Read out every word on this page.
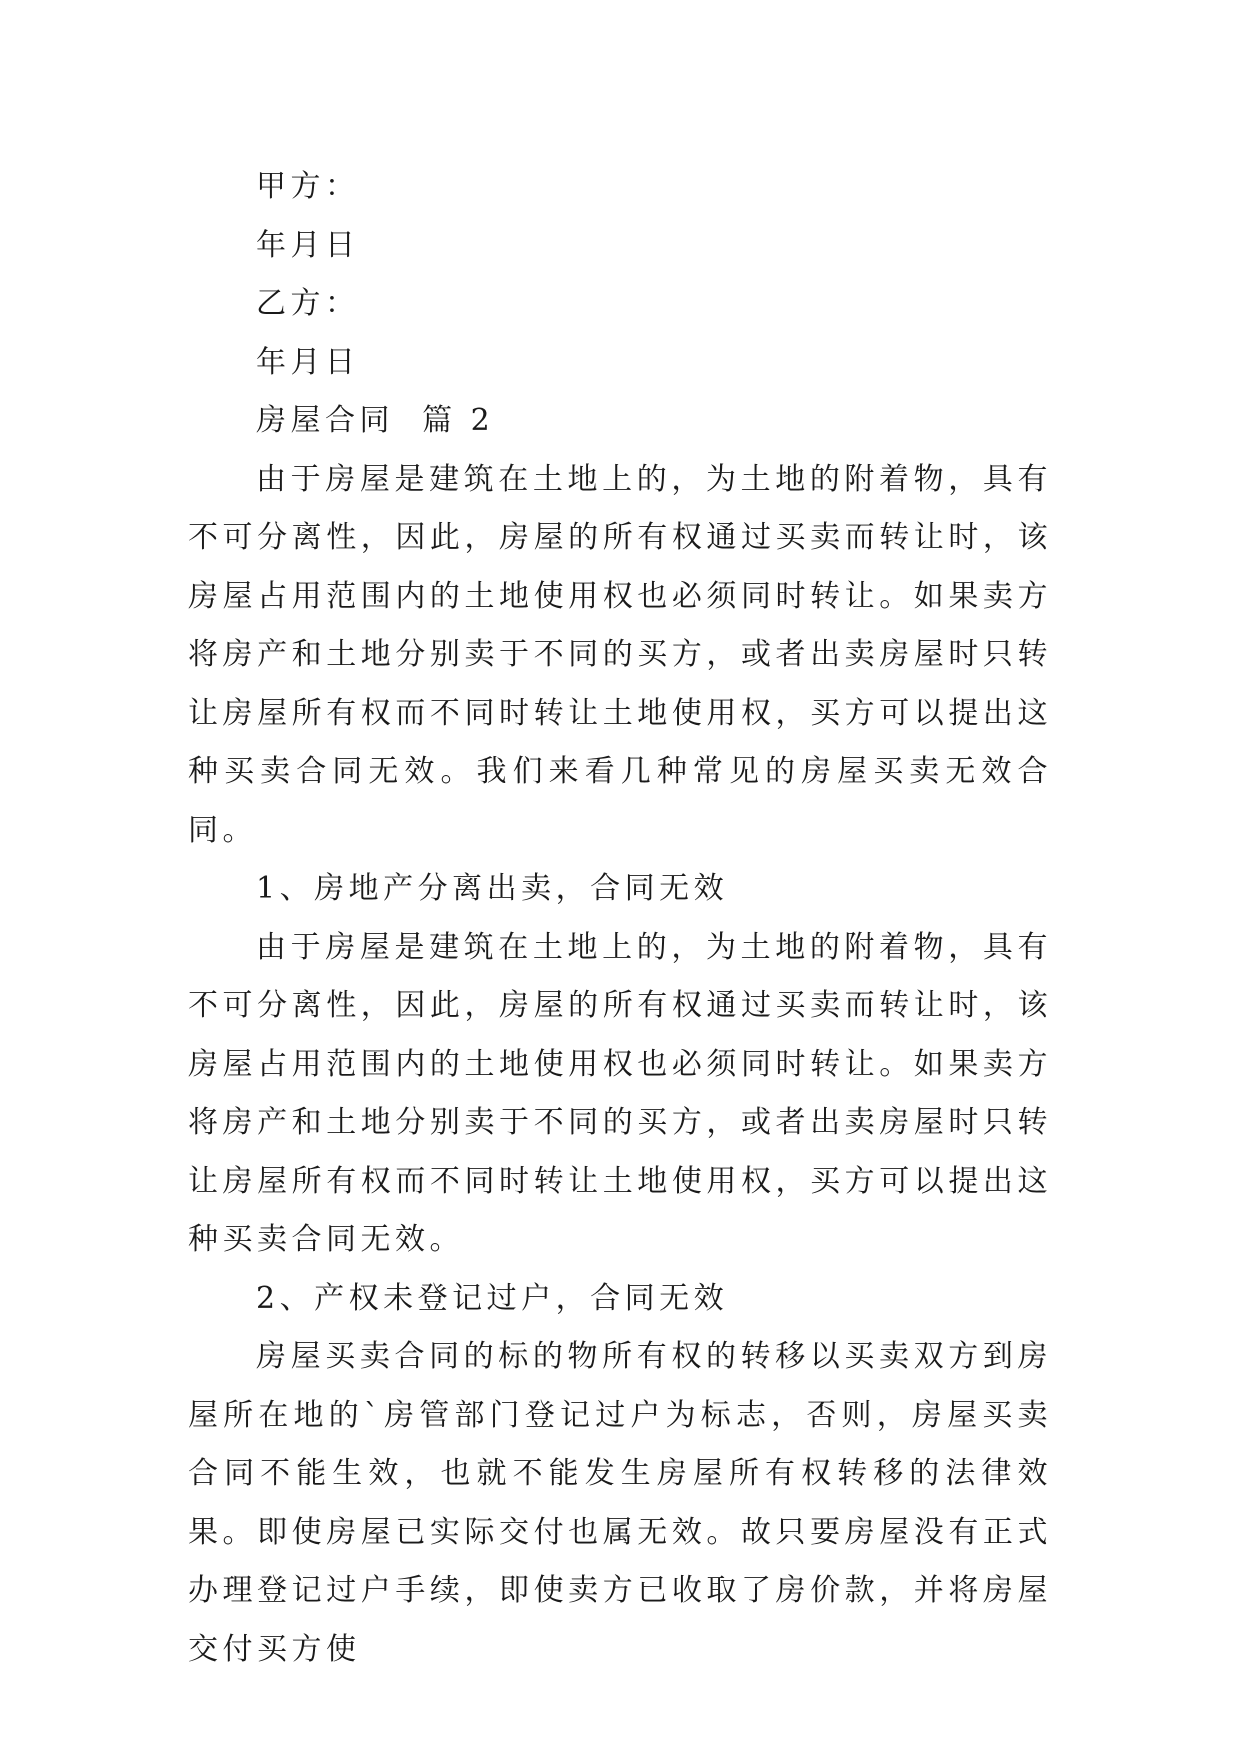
甲方：

年月日

乙方：

年月日

房屋合同  篇 2

由于房屋是建筑在土地上的，为土地的附着物，具有不可分离性，因此，房屋的所有权通过买卖而转让时，该房屋占用范围内的土地使用权也必须同时转让。如果卖方将房产和土地分别卖于不同的买方，或者出卖房屋时只转让房屋所有权而不同时转让土地使用权，买方可以提出这种买卖合同无效。我们来看几种常见的房屋买卖无效合同。

1、房地产分离出卖，合同无效

由于房屋是建筑在土地上的，为土地的附着物，具有不可分离性，因此，房屋的所有权通过买卖而转让时，该房屋占用范围内的土地使用权也必须同时转让。如果卖方将房产和土地分别卖于不同的买方，或者出卖房屋时只转让房屋所有权而不同时转让土地使用权，买方可以提出这种买卖合同无效。

2、产权未登记过户，合同无效

房屋买卖合同的标的物所有权的转移以买卖双方到房屋所在地的`房管部门登记过户为标志，否则，房屋买卖合同不能生效，也就不能发生房屋所有权转移的法律效果。即使房屋已实际交付也属无效。故只要房屋没有正式办理登记过户手续，即使卖方已收取了房价款，并将房屋交付买方使
